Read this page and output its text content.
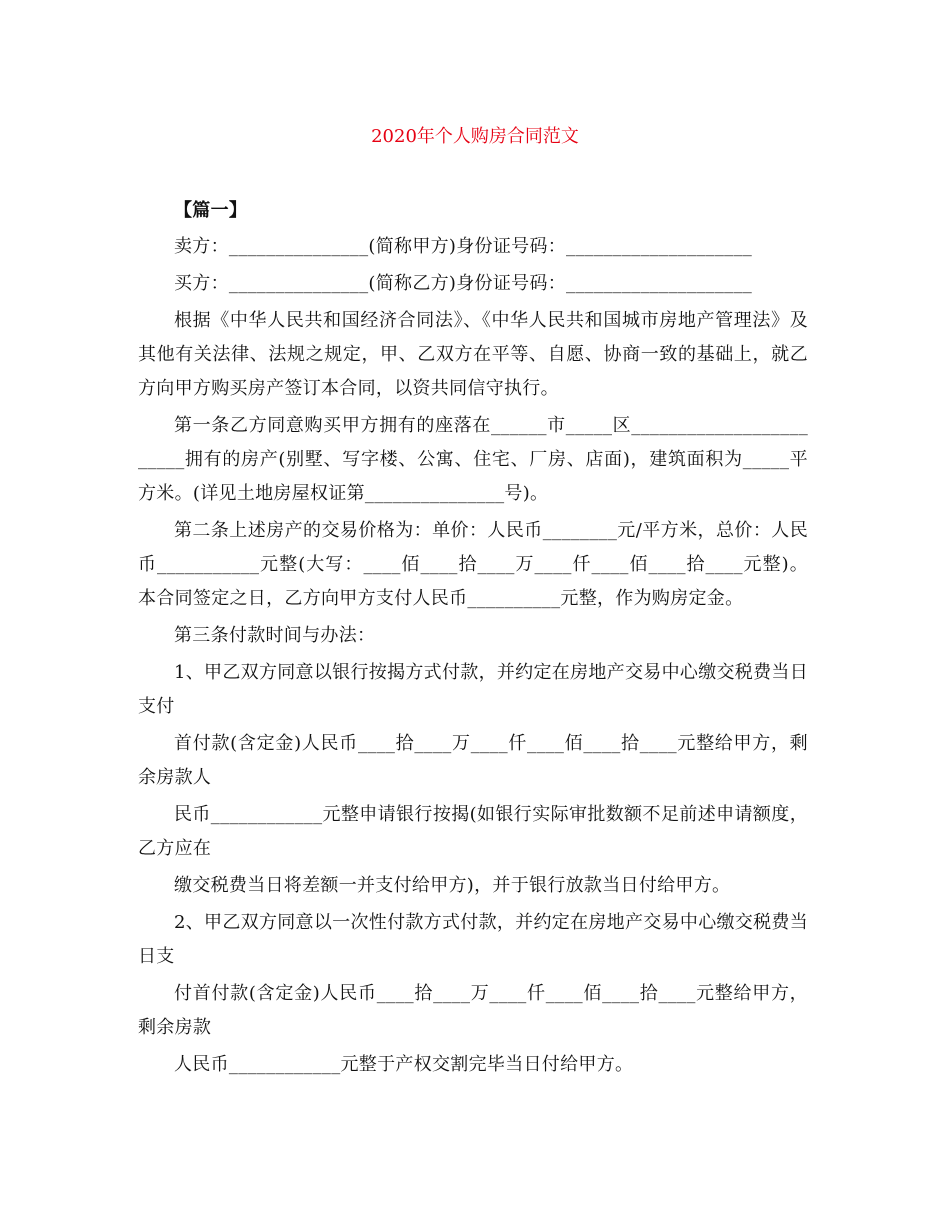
2020年个人购房合同范文
【篇一】

卖方：_______________(简称甲方)身份证号码：____________________

买方：_______________(简称乙方)身份证号码：____________________

根据《中华人民共和国经济合同法》、《中华人民共和国城市房地产管理法》及其他有关法律、法规之规定，甲、乙双方在平等、自愿、协商一致的基础上，就乙方向甲方购买房产签订本合同，以资共同信守执行。

第一条乙方同意购买甲方拥有的座落在______市_____区________________________拥有的房产(别墅、写字楼、公寓、住宅、厂房、店面)，建筑面积为_____平方米。(详见土地房屋权证第_______________号)。

第二条上述房产的交易价格为：单价：人民币________元/平方米，总价：人民币___________元整(大写：____佰____拾____万____仟____佰____拾____元整)。本合同签定之日，乙方向甲方支付人民币__________元整，作为购房定金。

第三条付款时间与办法：

1、甲乙双方同意以银行按揭方式付款，并约定在房地产交易中心缴交税费当日支付

首付款(含定金)人民币____拾____万____仟____佰____拾____元整给甲方，剩余房款人

民币____________元整申请银行按揭(如银行实际审批数额不足前述申请额度，乙方应在

缴交税费当日将差额一并支付给甲方)，并于银行放款当日付给甲方。

2、甲乙双方同意以一次性付款方式付款，并约定在房地产交易中心缴交税费当日支

付首付款(含定金)人民币____拾____万____仟____佰____拾____元整给甲方，剩余房款

人民币____________元整于产权交割完毕当日付给甲方。
